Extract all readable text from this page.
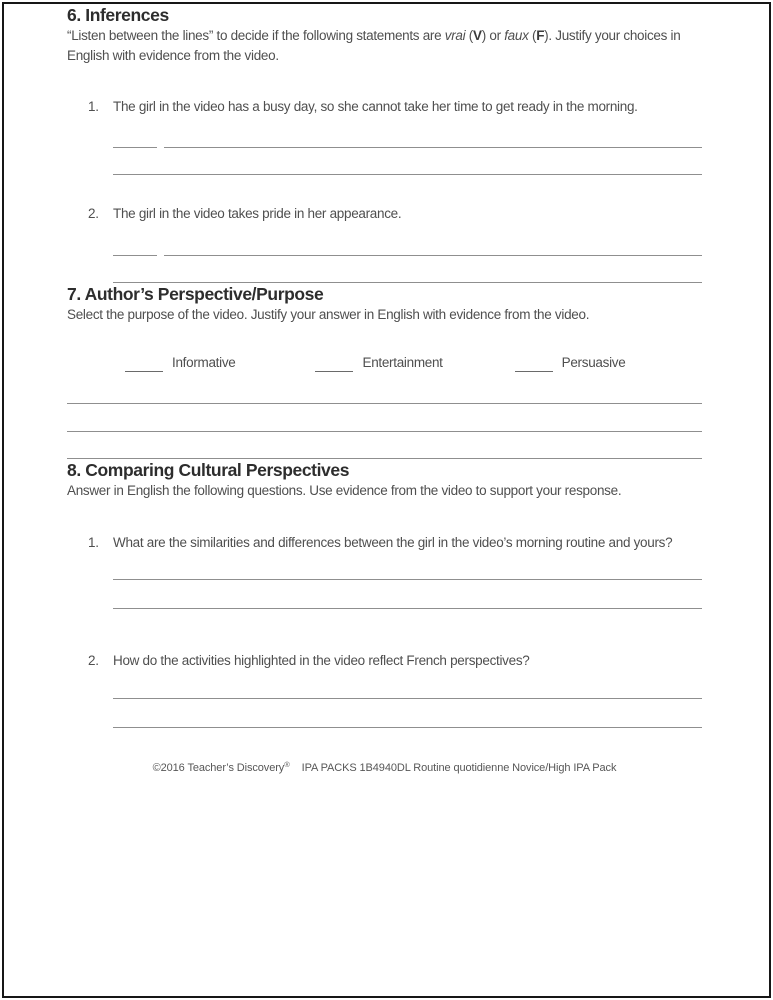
6. Inferences

“Listen between the lines” to decide if the following statements are vrai (V) or faux (F). Justify your choices in English with evidence from the video.

1.	The girl in the video has a busy day, so she cannot take her time to get ready in the morning.
2.	The girl in the video takes pride in her appearance.
7. Author’s Perspective/Purpose

Select the purpose of the video. Justify your answer in English with evidence from the video.

Informative	Entertainment	Persuasive
8. Comparing Cultural Perspectives

Answer in English the following questions. Use evidence from the video to support your response.

1.	What are the similarities and differences between the girl in the video’s morning routine and yours?
2.	How do the activities highlighted in the video reflect French perspectives?
©2016 Teacher’s Discovery® IPA PACKS 1B4940DL Routine quotidienne Novice/High IPA Pack
